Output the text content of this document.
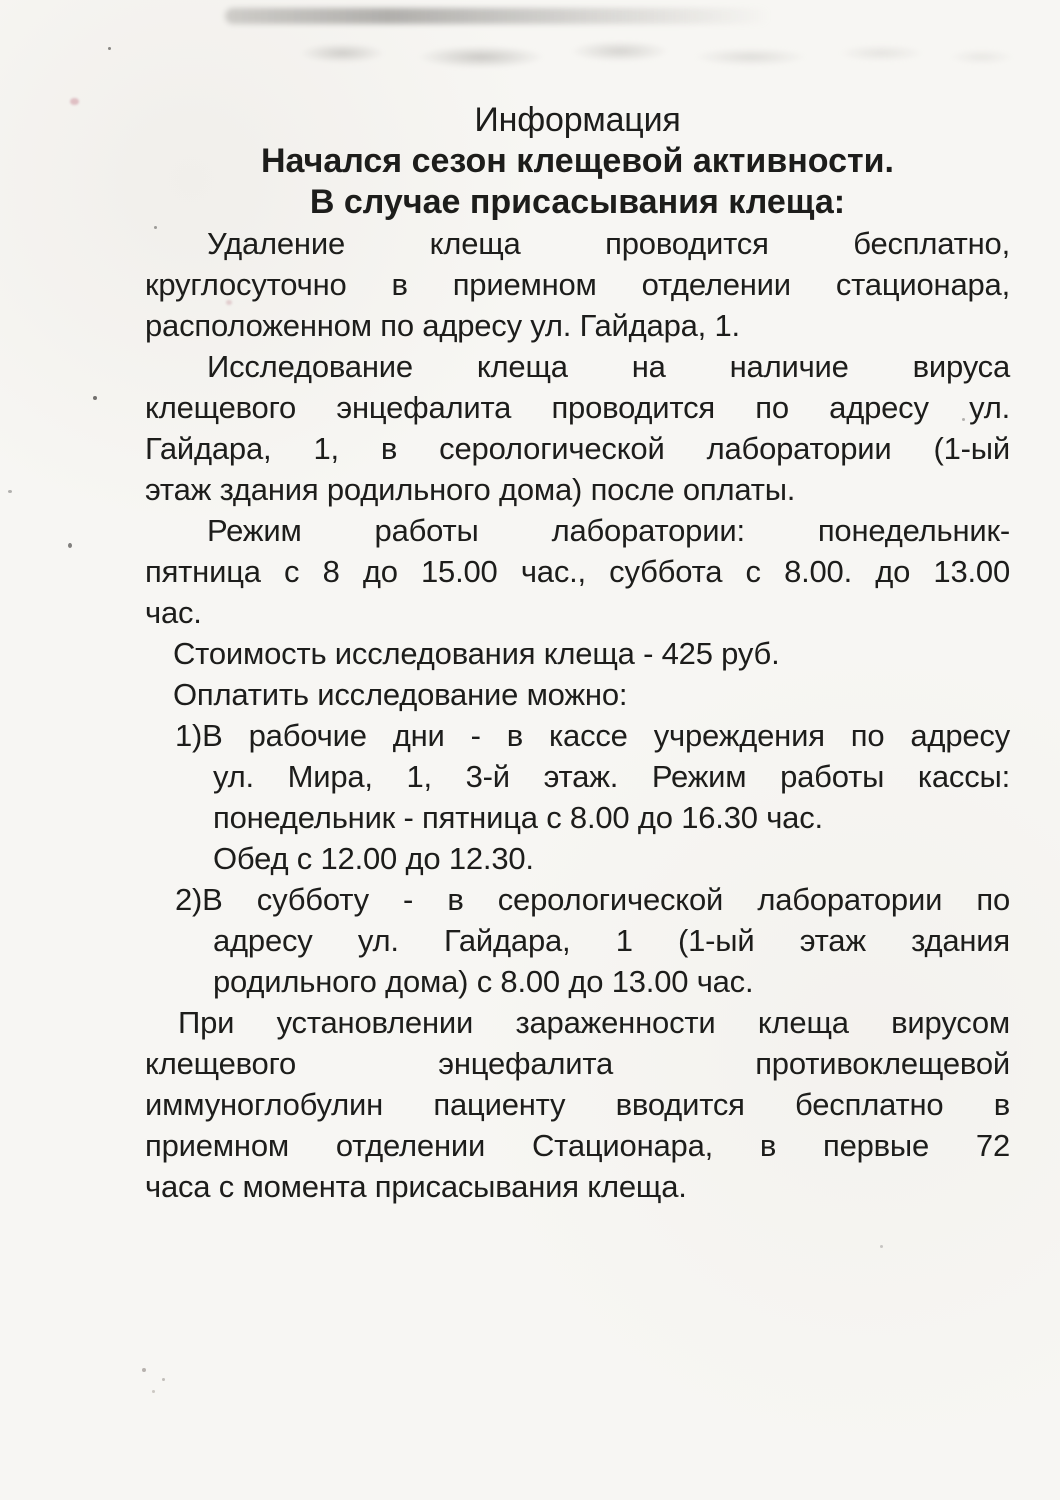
Информация
Начался сезон клещевой активности.
В случае присасывания клеща:
Удаление клеща проводится бесплатно,
круглосуточно в приемном отделении стационара,
расположенном по адресу ул. Гайдара, 1.
Исследование клеща на наличие вируса
клещевого энцефалита проводится по адресу ул.
Гайдара, 1, в серологической лаборатории (1-ый
этаж здания родильного дома) после оплаты.
Режим работы лаборатории: понедельник-
пятница с 8 до 15.00 час., суббота с 8.00. до 13.00
час.
Стоимость исследования клеща - 425 руб.
Оплатить исследование можно:
1)В рабочие дни - в кассе учреждения по адресу
ул. Мира, 1, 3-й этаж. Режим работы кассы:
понедельник - пятница с 8.00 до 16.30 час.
Обед с 12.00 до 12.30.
2)В субботу - в серологической лаборатории по
адресу ул. Гайдара, 1 (1-ый этаж здания
родильного дома) с 8.00 до 13.00 час.
При установлении зараженности клеща вирусом
клещевого энцефалита противоклещевой
иммуноглобулин пациенту вводится бесплатно в
приемном отделении Стационара, в первые 72
часа с момента присасывания клеща.
